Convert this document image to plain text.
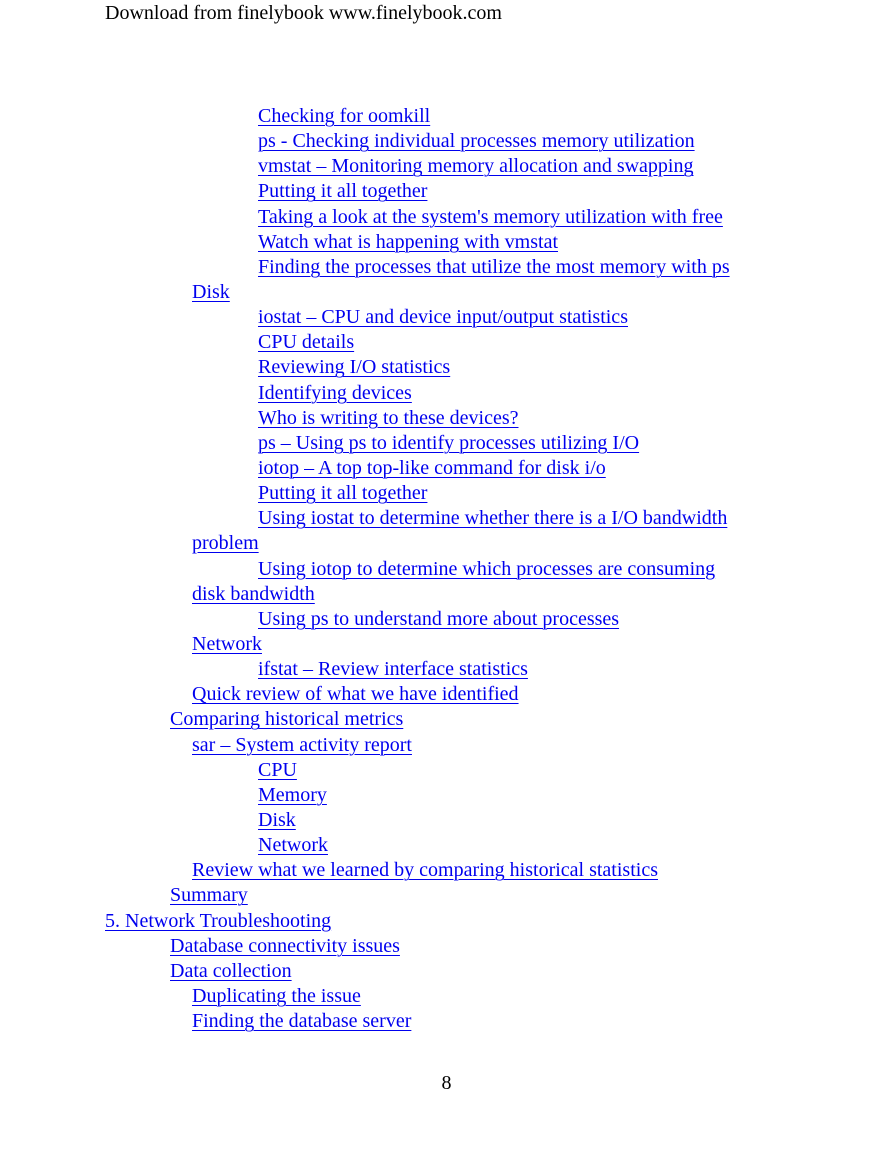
Download from finelybook www.finelybook.com
Checking for oomkill
ps - Checking individual processes memory utilization
vmstat – Monitoring memory allocation and swapping
Putting it all together
Taking a look at the system's memory utilization with free
Watch what is happening with vmstat
Finding the processes that utilize the most memory with ps
Disk
iostat – CPU and device input/output statistics
CPU details
Reviewing I/O statistics
Identifying devices
Who is writing to these devices?
ps – Using ps to identify processes utilizing I/O
iotop – A top top-like command for disk i/o
Putting it all together
Using iostat to determine whether there is a I/O bandwidth
problem
Using iotop to determine which processes are consuming
disk bandwidth
Using ps to understand more about processes
Network
ifstat – Review interface statistics
Quick review of what we have identified
Comparing historical metrics
sar – System activity report
CPU
Memory
Disk
Network
Review what we learned by comparing historical statistics
Summary
5. Network Troubleshooting
Database connectivity issues
Data collection
Duplicating the issue
Finding the database server
8
